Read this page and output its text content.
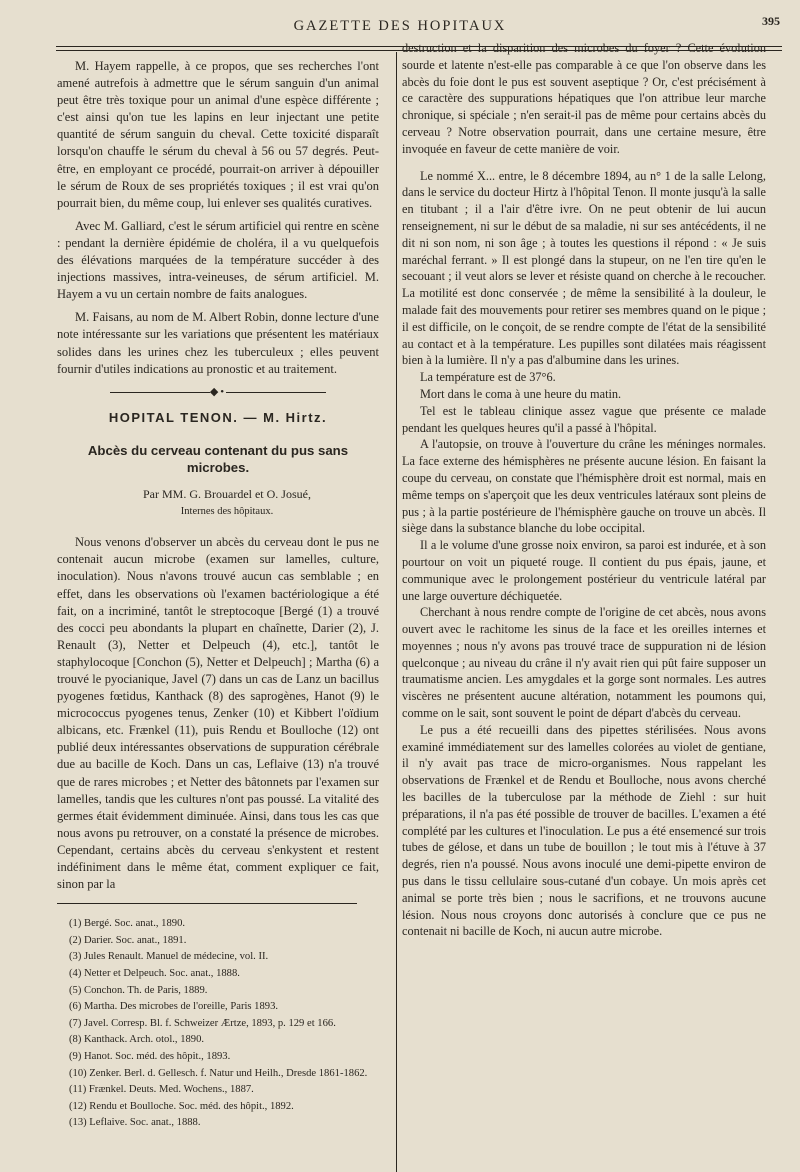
GAZETTE DES HOPITAUX	395

M. Hayem rappelle, à ce propos, que ses recherches l'ont amené autrefois à admettre que le sérum sanguin d'un animal peut être très toxique pour un animal d'une espèce différente ; c'est ainsi qu'on tue les lapins en leur injectant une petite quantité de sérum sanguin du cheval. Cette toxicité disparaît lorsqu'on chauffe le sérum du cheval à 56 ou 57 degrés. Peut-être, en employant ce procédé, pourrait-on arriver à dépouiller le sérum de Roux de ses propriétés toxiques ; il est vrai qu'on pourrait bien, du même coup, lui enlever ses qualités curatives.

Avec M. Galliard, c'est le sérum artificiel qui rentre en scène : pendant la dernière épidémie de choléra, il a vu quelquefois des élévations marquées de la température succéder à des injections massives, intra-veineuses, de sérum artificiel. M. Hayem a vu un certain nombre de faits analogues.

M. Faisans, au nom de M. Albert Robin, donne lecture d'une note intéressante sur les variations que présentent les matériaux solides dans les urines chez les tuberculeux ; elles peuvent fournir d'utiles indications au pronostic et au traitement.

◆•
HOPITAL TENON. — M. Hirtz.
Abcès du cerveau contenant du pus sans microbes.

Par MM. G. Brouardel et O. Josué,

Internes des hôpitaux.

Nous venons d'observer un abcès du cerveau dont le pus ne contenait aucun microbe (examen sur lamelles, culture, inoculation). Nous n'avons trouvé aucun cas semblable ; en effet, dans les observations où l'examen bactériologique a été fait, on a incriminé, tantôt le streptocoque [Bergé (1) a trouvé des cocci peu abondants la plupart en chaînette, Darier (2), J. Renault (3), Netter et Delpeuch (4), etc.], tantôt le staphylocoque [Conchon (5), Netter et Delpeuch] ; Martha (6) a trouvé le pyocianique, Javel (7) dans un cas de Lanz un bacillus pyogenes fœtidus, Kanthack (8) des saprogènes, Hanot (9) le micrococcus pyogenes tenus, Zenker (10) et Kibbert l'oïdium albicans, etc. Frænkel (11), puis Rendu et Boulloche (12) ont publié deux intéressantes observations de suppuration cérébrale due au bacille de Koch. Dans un cas, Leflaive (13) n'a trouvé que de rares microbes ; et Netter des bâtonnets par l'examen sur lamelles, tandis que les cultures n'ont pas poussé. La vitalité des germes était évidemment diminuée. Ainsi, dans tous les cas que nous avons pu retrouver, on a constaté la présence de microbes. Cependant, certains abcès du cerveau s'enkystent et restent indéfiniment dans le même état, comment expliquer ce fait, sinon par la

(1) Bergé. Soc. anat., 1890.
(2) Darier. Soc. anat., 1891.
(3) Jules Renault. Manuel de médecine, vol. II.
(4) Netter et Delpeuch. Soc. anat., 1888.
(5) Conchon. Th. de Paris, 1889.
(6) Martha. Des microbes de l'oreille, Paris 1893.
(7) Javel. Corresp. Bl. f. Schweizer Ærtze, 1893, p. 129 et 166.
(8) Kanthack. Arch. otol., 1890.
(9) Hanot. Soc. méd. des hôpit., 1893.
(10) Zenker. Berl. d. Gellesch. f. Natur und Heilh., Dresde 1861-1862.
(11) Frænkel. Deuts. Med. Wochens., 1887.
(12) Rendu et Boulloche. Soc. méd. des hôpit., 1892.
(13) Leflaive. Soc. anat., 1888.

destruction et la disparition des microbes du foyer ? Cette évolution sourde et latente n'est-elle pas comparable à ce que l'on observe dans les abcès du foie dont le pus est souvent aseptique ? Or, c'est précisément à ce caractère des suppurations hépatiques que l'on attribue leur marche chronique, si spéciale ; n'en serait-il pas de même pour certains abcès du cerveau ? Notre observation pourrait, dans une certaine mesure, être invoquée en faveur de cette manière de voir.

Le nommé X... entre, le 8 décembre 1894, au n° 1 de la salle Lelong, dans le service du docteur Hirtz à l'hôpital Tenon. Il monte jusqu'à la salle en titubant ; il a l'air d'être ivre. On ne peut obtenir de lui aucun renseignement, ni sur le début de sa maladie, ni sur ses antécédents, il ne dit ni son nom, ni son âge ; à toutes les questions il répond : « Je suis maréchal ferrant. » Il est plongé dans la stupeur, on ne l'en tire qu'en le secouant ; il veut alors se lever et résiste quand on cherche à le recoucher. La motilité est donc conservée ; de même la sensibilité à la douleur, le malade fait des mouvements pour retirer ses membres quand on le pique ; il est difficile, on le conçoit, de se rendre compte de l'état de la sensibilité au contact et à la température. Les pupilles sont dilatées mais réagissent bien à la lumière. Il n'y a pas d'albumine dans les urines.

La température est de 37°6.

Mort dans le coma à une heure du matin.

Tel est le tableau clinique assez vague que présente ce malade pendant les quelques heures qu'il a passé à l'hôpital.

A l'autopsie, on trouve à l'ouverture du crâne les méninges normales. La face externe des hémisphères ne présente aucune lésion. En faisant la coupe du cerveau, on constate que l'hémisphère droit est normal, mais en même temps on s'aperçoit que les deux ventricules latéraux sont pleins de pus ; à la partie postérieure de l'hémisphère gauche on trouve un abcès. Il siège dans la substance blanche du lobe occipital.

Il a le volume d'une grosse noix environ, sa paroi est indurée, et à son pourtour on voit un piqueté rouge. Il contient du pus épais, jaune, et communique avec le prolongement postérieur du ventricule latéral par une large ouverture déchiquetée.

Cherchant à nous rendre compte de l'origine de cet abcès, nous avons ouvert avec le rachitome les sinus de la face et les oreilles internes et moyennes ; nous n'y avons pas trouvé trace de suppuration ni de lésion quelconque ; au niveau du crâne il n'y avait rien qui pût faire supposer un traumatisme ancien. Les amygdales et la gorge sont normales. Les autres viscères ne présentent aucune altération, notamment les poumons qui, comme on le sait, sont souvent le point de départ d'abcès du cerveau.

Le pus a été recueilli dans des pipettes stérilisées. Nous avons examiné immédiatement sur des lamelles colorées au violet de gentiane, il n'y avait pas trace de micro-organismes. Nous rappelant les observations de Frænkel et de Rendu et Boulloche, nous avons cherché les bacilles de la tuberculose par la méthode de Ziehl : sur huit préparations, il n'a pas été possible de trouver de bacilles. L'examen a été complété par les cultures et l'inoculation. Le pus a été ensemencé sur trois tubes de gélose, et dans un tube de bouillon ; le tout mis à l'étuve à 37 degrés, rien n'a poussé. Nous avons inoculé une demi-pipette environ de pus dans le tissu cellulaire sous-cutané d'un cobaye. Un mois après cet animal se porte très bien ; nous le sacrifions, et ne trouvons aucune lésion. Nous nous croyons donc autorisés à conclure que ce pus ne contenait ni bacille de Koch, ni aucun autre microbe.
